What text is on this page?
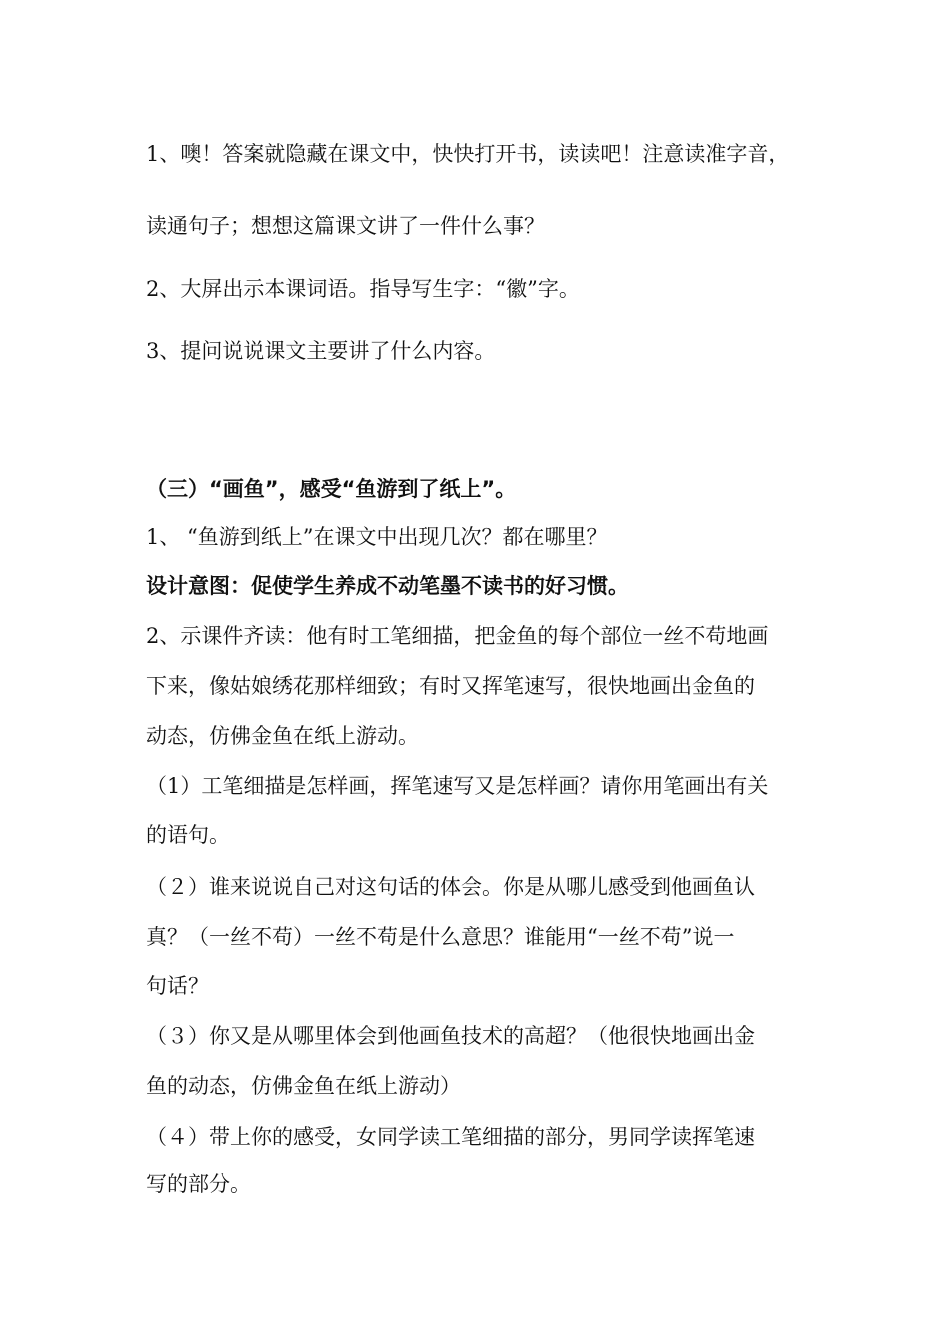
1、噢！答案就隐藏在课文中，快快打开书，读读吧！注意读准字音，

读通句子；想想这篇课文讲了一件什么事？

2、大屏出示本课词语。指导写生字：“徽”字。

3、提问说说课文主要讲了什么内容。

（三）“画鱼”，感受“鱼游到了纸上”。

1、 “鱼游到纸上”在课文中出现几次？都在哪里？

设计意图：促使学生养成不动笔墨不读书的好习惯。

2、示课件齐读：他有时工笔细描，把金鱼的每个部位一丝不苟地画

下来，像姑娘绣花那样细致；有时又挥笔速写，很快地画出金鱼的

动态，仿佛金鱼在纸上游动。

（1）工笔细描是怎样画，挥笔速写又是怎样画？请你用笔画出有关

的语句。

（２）谁来说说自己对这句话的体会。你是从哪儿感受到他画鱼认

真？（一丝不苟）一丝不苟是什么意思？谁能用“一丝不苟”说一

句话？

（３）你又是从哪里体会到他画鱼技术的高超？（他很快地画出金

鱼的动态，仿佛金鱼在纸上游动）

（４）带上你的感受，女同学读工笔细描的部分，男同学读挥笔速

写的部分。
